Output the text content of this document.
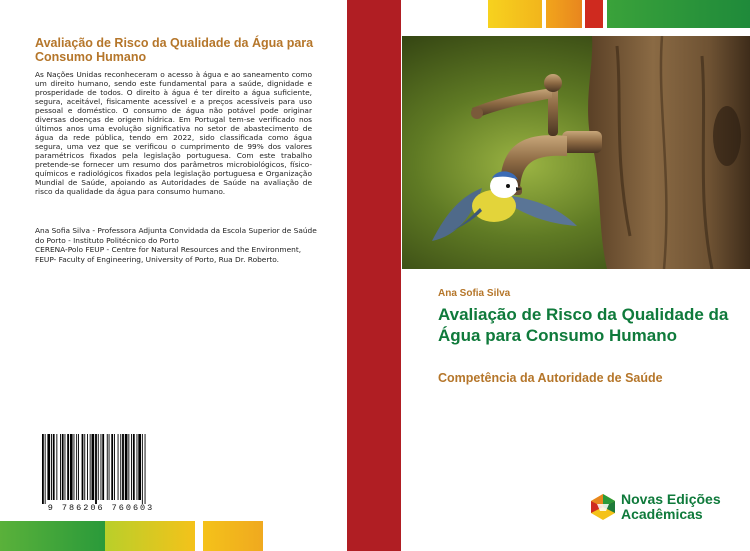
Avaliação de Risco da Qualidade da Água para Consumo Humano
As Nações Unidas reconheceram o acesso à água e ao saneamento como um direito humano, sendo este fundamental para a saúde, dignidade e prosperidade de todos. O direito à água é ter direito a água suficiente, segura, aceitável, fisicamente acessível e a preços acessíveis para uso pessoal e doméstico. O consumo de água não potável pode originar diversas doenças de origem hídrica. Em Portugal tem-se verificado nos últimos anos uma evolução significativa no setor de abastecimento de água da rede pública, tendo em 2022, sido classificada como água segura, uma vez que se verificou o cumprimento de 99% dos valores paramétricos fixados pela legislação portuguesa. Com este trabalho pretende-se fornecer um resumo dos parâmetros microbiológicos, físico-químicos e radiológicos fixados pela legislação portuguesa e Organização Mundial de Saúde, apoiando as Autoridades de Saúde na avaliação de risco da qualidade da água para consumo humano.
Ana Sofia Silva - Professora Adjunta Convidada da Escola Superior de Saúde do Porto - Instituto Politécnico do Porto
CERENA-Polo FEUP - Centre for Natural Resources and the Environment, FEUP- Faculty of Engineering, University of Porto, Rua Dr. Roberto.
9 786206 760603
Ana Sofia Silva
Avaliação de Risco da Qualidade da Água para Consumo Humano
Competência da Autoridade de Saúde
Novas Edições
Acadêmicas
